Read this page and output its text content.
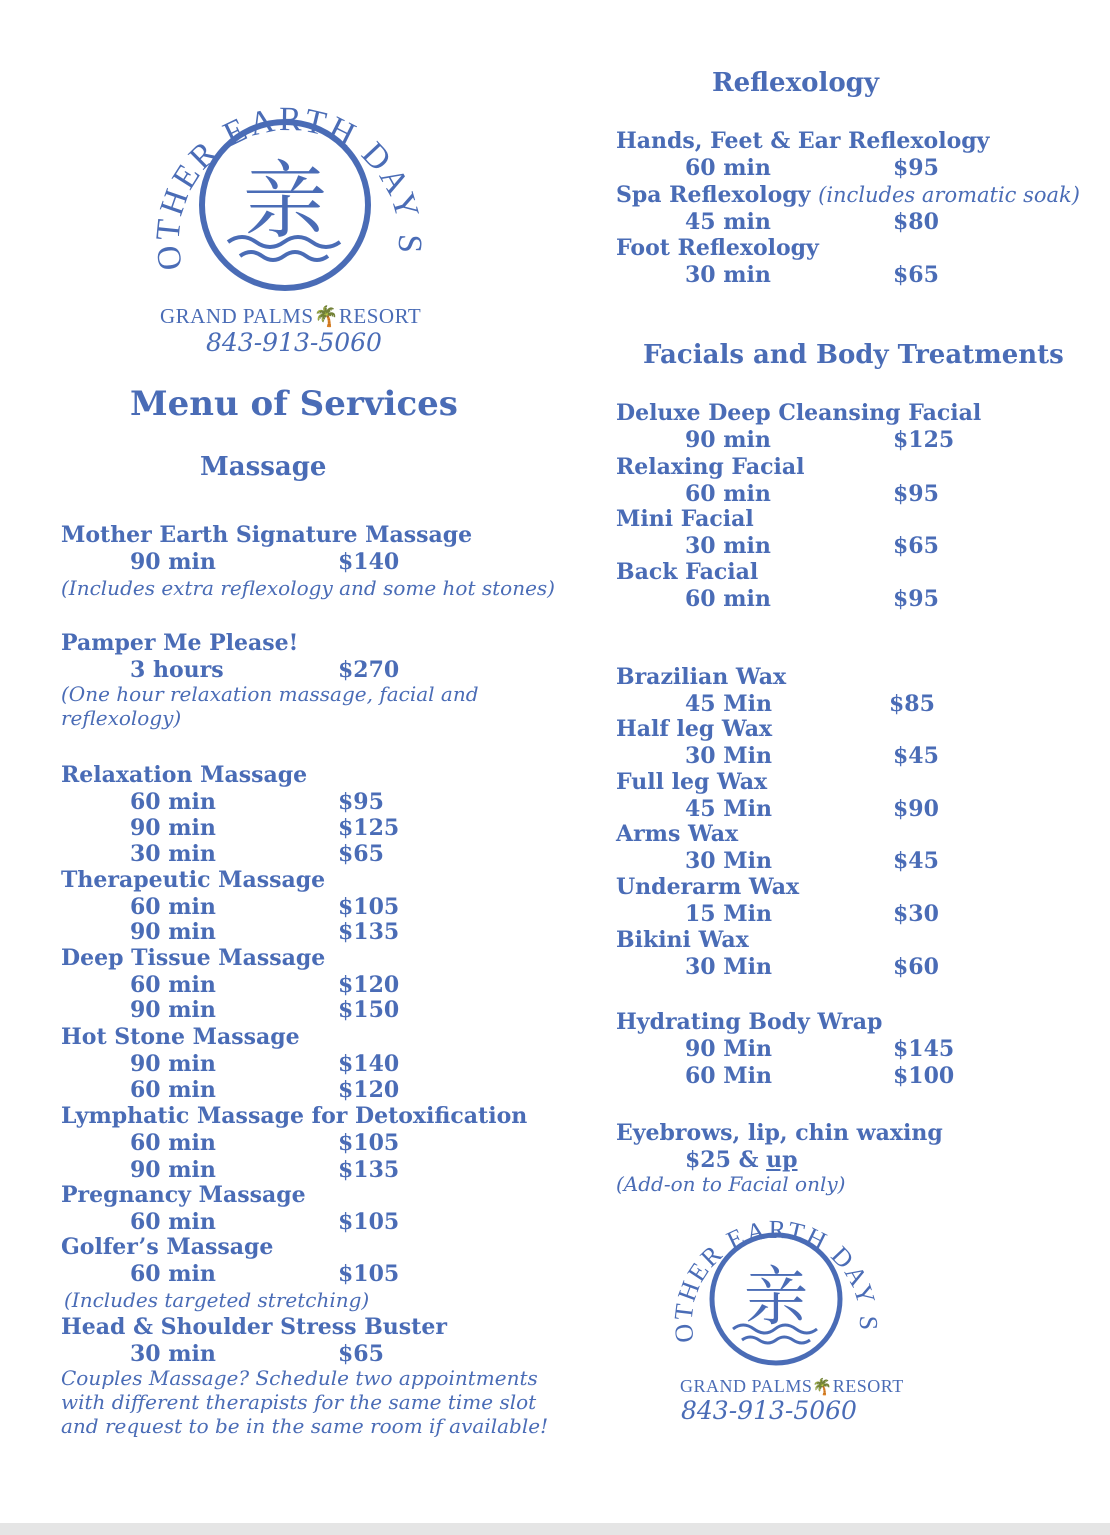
OTHER EARTH DAY S
亲
GRAND PALMS🌴RESORT
843-913-5060
Menu of Services
Massage
Mother Earth Signature Massage
90 min	$140
(Includes extra reflexology and some hot stones)
Pamper Me Please!
3 hours	$270
(One hour relaxation massage, facial and
reflexology)
Relaxation Massage
60 min	$95
90 min	$125
30 min	$65
Therapeutic Massage
60 min	$105
90 min	$135
Deep Tissue Massage
60 min	$120
90 min	$150
Hot Stone Massage
90 min	$140
60 min	$120
Lymphatic Massage for Detoxification
60 min	$105
90 min	$135
Pregnancy Massage
60 min	$105
Golfer’s Massage
60 min	$105
(Includes targeted stretching)
Head & Shoulder Stress Buster
30 min	$65
Couples Massage? Schedule two appointments
with different therapists for the same time slot
and request to be in the same room if available!
Reflexology
Hands, Feet & Ear Reflexology
60 min	$95
Spa Reflexology (includes aromatic soak)
45 min	$80
Foot Reflexology
30 min	$65
Facials and Body Treatments
Deluxe Deep Cleansing Facial
90 min	$125
Relaxing Facial
60 min	$95
Mini Facial
30 min	$65
Back Facial
60 min	$95
Brazilian Wax
45 Min	$85
Half leg Wax
30 Min	$45
Full leg Wax
45 Min	$90
Arms Wax
30 Min	$45
Underarm Wax
15 Min	$30
Bikini Wax
30 Min	$60
Hydrating Body Wrap
90 Min	$145
60 Min	$100
Eyebrows, lip, chin waxing
$25 & up
(Add-on to Facial only)
OTHER EARTH DAY S
亲
GRAND PALMS🌴RESORT
843-913-5060
